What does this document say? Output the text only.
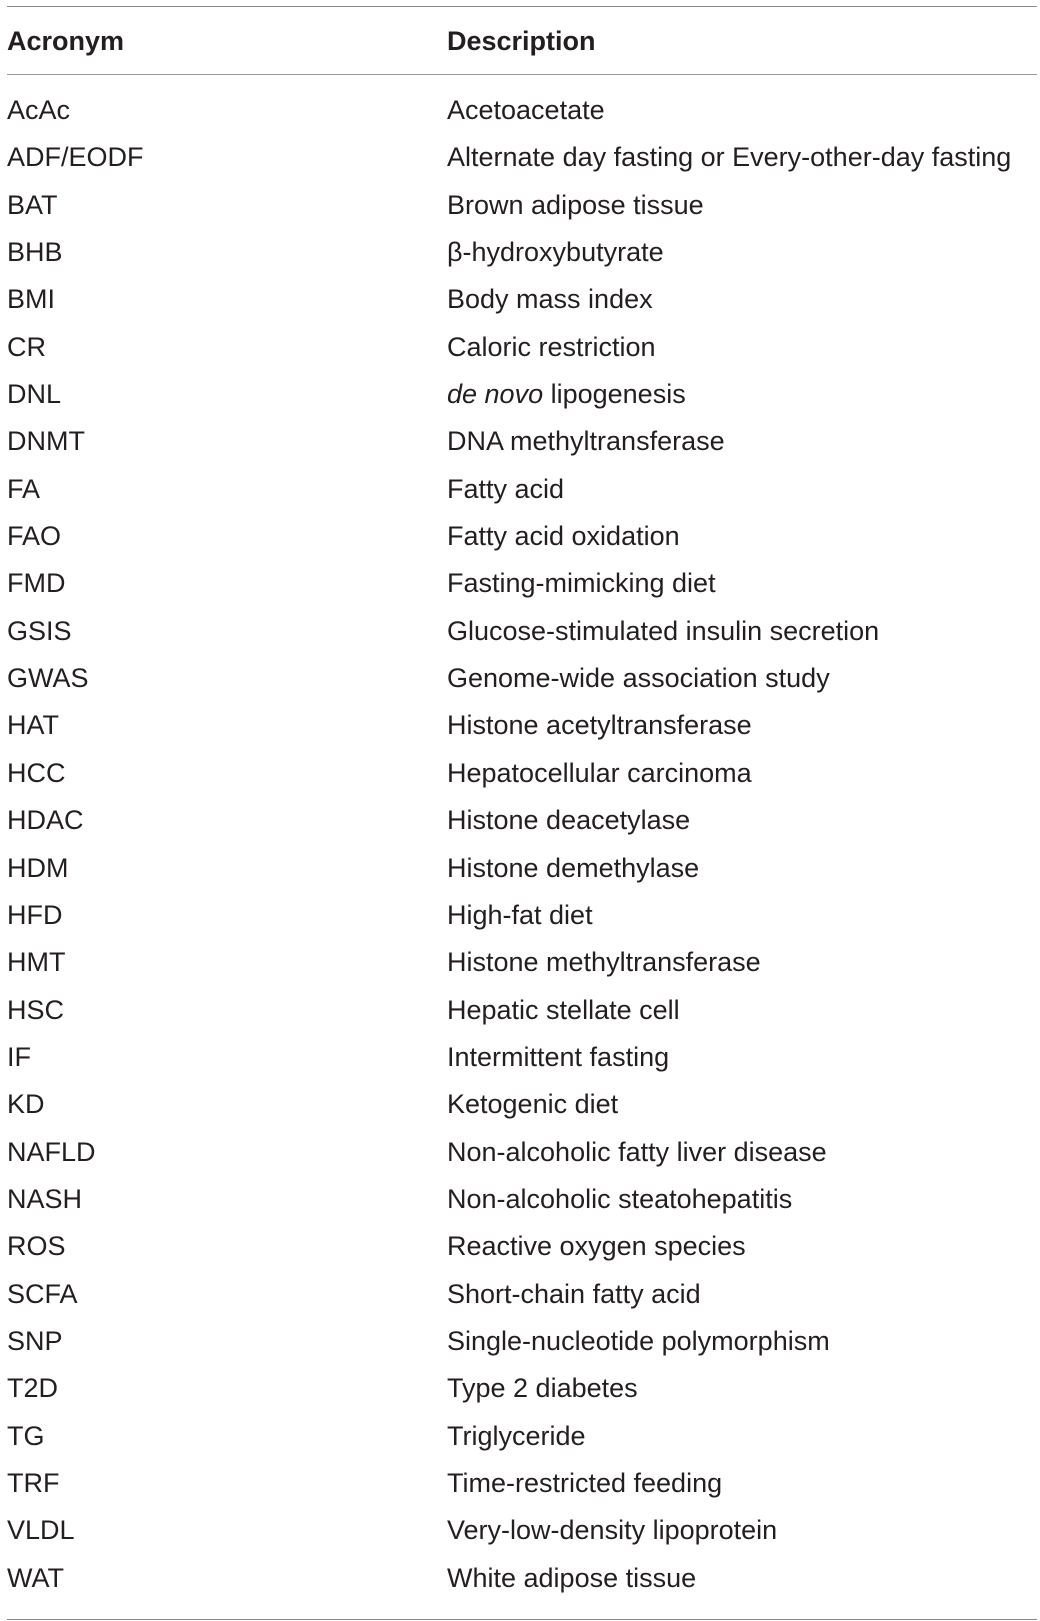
Acronym	Description
AcAc	Acetoacetate
ADF/EODF	Alternate day fasting or Every-other-day fasting
BAT	Brown adipose tissue
BHB	β-hydroxybutyrate
BMI	Body mass index
CR	Caloric restriction
DNL	de novo lipogenesis
DNMT	DNA methyltransferase
FA	Fatty acid
FAO	Fatty acid oxidation
FMD	Fasting-mimicking diet
GSIS	Glucose-stimulated insulin secretion
GWAS	Genome-wide association study
HAT	Histone acetyltransferase
HCC	Hepatocellular carcinoma
HDAC	Histone deacetylase
HDM	Histone demethylase
HFD	High-fat diet
HMT	Histone methyltransferase
HSC	Hepatic stellate cell
IF	Intermittent fasting
KD	Ketogenic diet
NAFLD	Non-alcoholic fatty liver disease
NASH	Non-alcoholic steatohepatitis
ROS	Reactive oxygen species
SCFA	Short-chain fatty acid
SNP	Single-nucleotide polymorphism
T2D	Type 2 diabetes
TG	Triglyceride
TRF	Time-restricted feeding
VLDL	Very-low-density lipoprotein
WAT	White adipose tissue
